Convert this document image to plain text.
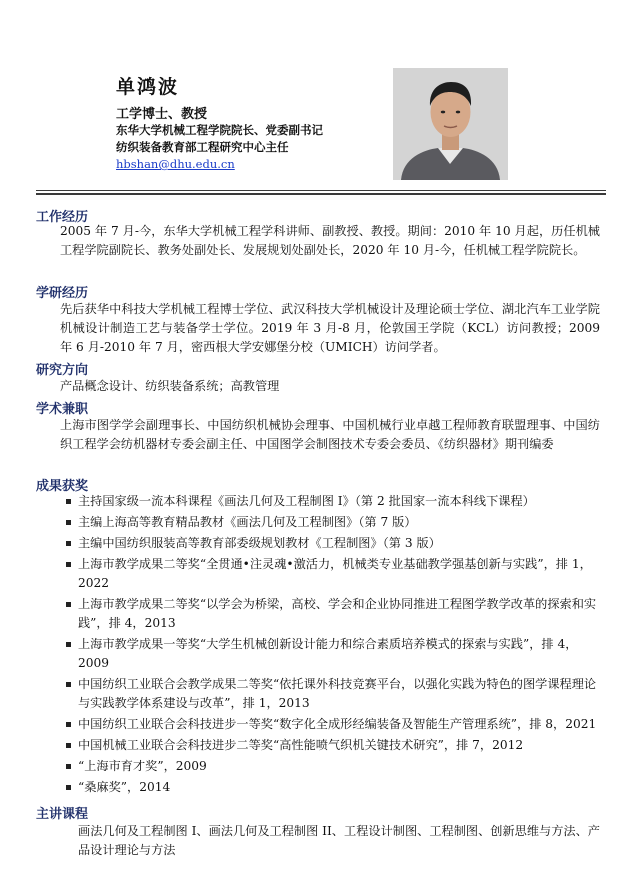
单鸿波
工学博士、教授
东华大学机械工程学院院长、党委副书记
纺织装备教育部工程研究中心主任
hbshan@dhu.edu.cn
工作经历
2005 年 7 月-今，东华大学机械工程学科讲师、副教授、教授。期间：2010 年 10 月起，历任机械工程学院副院长、教务处副处长、发展规划处副处长，2020 年 10 月-今，任机械工程学院院长。
学研经历
先后获华中科技大学机械工程博士学位、武汉科技大学机械设计及理论硕士学位、湖北汽车工业学院机械设计制造工艺与装备学士学位。2019 年 3 月-8 月，伦敦国王学院（KCL）访问教授；2009 年 6 月-2010 年 7 月，密西根大学安娜堡分校（UMICH）访问学者。
研究方向
产品概念设计、纺织装备系统；高教管理
学术兼职
上海市图学学会副理事长、中国纺织机械协会理事、中国机械行业卓越工程师教育联盟理事、中国纺织工程学会纺机器材专委会副主任、中国图学会制图技术专委会委员、《纺织器材》期刊编委
成果获奖
主持国家级一流本科课程《画法几何及工程制图 I》（第 2 批国家一流本科线下课程）
主编上海高等教育精品教材《画法几何及工程制图》（第 7 版）
主编中国纺织服装高等教育部委级规划教材《工程制图》（第 3 版）
上海市教学成果二等奖“全贯通•注灵魂•激活力，机械类专业基础教学强基创新与实践”，排 1，2022
上海市教学成果二等奖“以学会为桥梁，高校、学会和企业协同推进工程图学教学改革的探索和实践”，排 4，2013
上海市教学成果一等奖“大学生机械创新设计能力和综合素质培养模式的探索与实践”，排 4，2009
中国纺织工业联合会教学成果二等奖“依托课外科技竞赛平台，以强化实践为特色的图学课程理论与实践教学体系建设与改革”，排 1，2013
中国纺织工业联合会科技进步一等奖“数字化全成形经编装备及智能生产管理系统”，排 8，2021
中国机械工业联合会科技进步二等奖“高性能喷气织机关键技术研究”，排 7，2012
“上海市育才奖”，2009
“桑麻奖”，2014
主讲课程
画法几何及工程制图 I、画法几何及工程制图 II、工程设计制图、工程制图、创新思维与方法、产品设计理论与方法
